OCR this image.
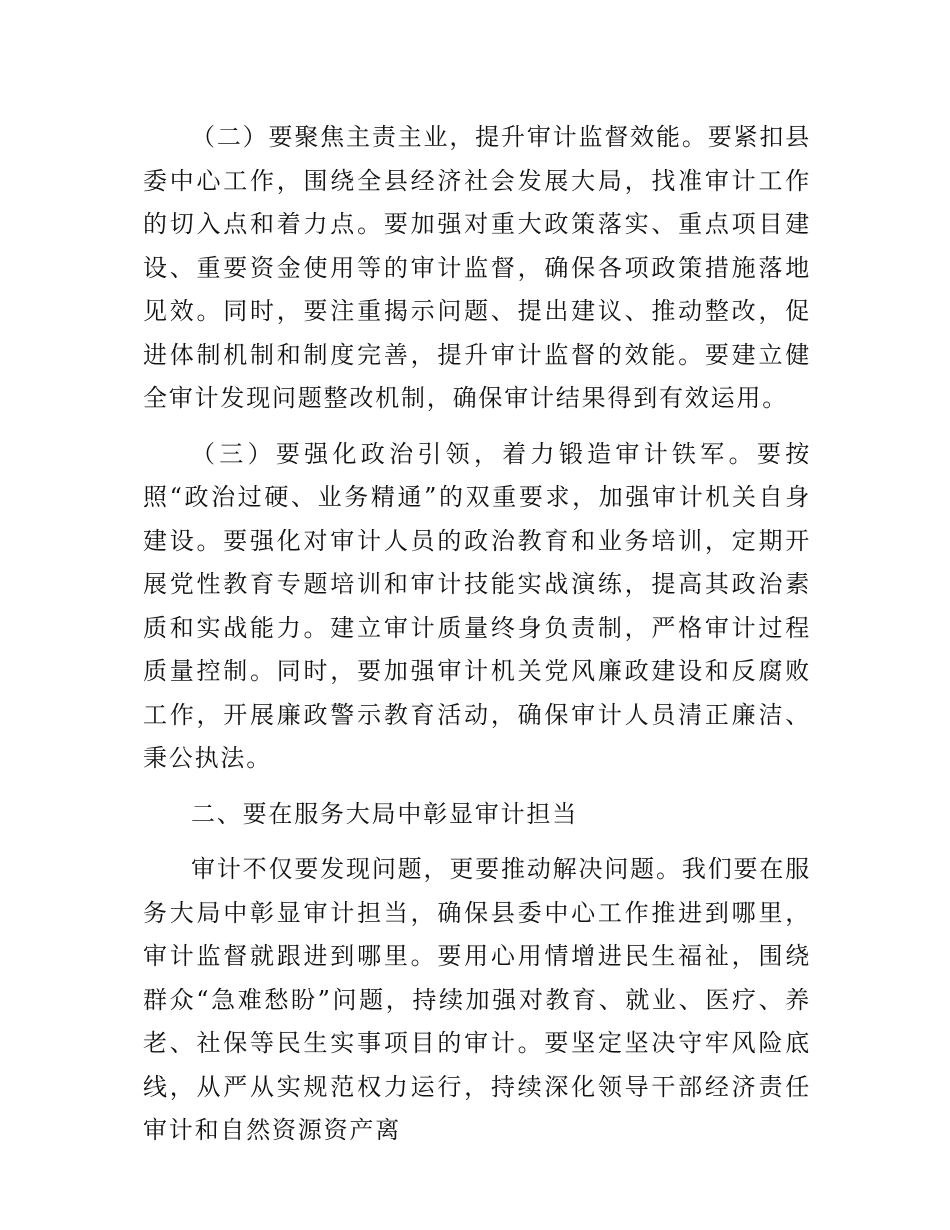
（二）要聚焦主责主业，提升审计监督效能。要紧扣县委中心工作，围绕全县经济社会发展大局，找准审计工作的切入点和着力点。要加强对重大政策落实、重点项目建设、重要资金使用等的审计监督，确保各项政策措施落地见效。同时，要注重揭示问题、提出建议、推动整改，促进体制机制和制度完善，提升审计监督的效能。要建立健全审计发现问题整改机制，确保审计结果得到有效运用。

（三）要强化政治引领，着力锻造审计铁军。要按照“政治过硬、业务精通”的双重要求，加强审计机关自身建设。要强化对审计人员的政治教育和业务培训，定期开展党性教育专题培训和审计技能实战演练，提高其政治素质和实战能力。建立审计质量终身负责制，严格审计过程质量控制。同时，要加强审计机关党风廉政建设和反腐败工作，开展廉政警示教育活动，确保审计人员清正廉洁、秉公执法。

二、要在服务大局中彰显审计担当

审计不仅要发现问题，更要推动解决问题。我们要在服务大局中彰显审计担当，确保县委中心工作推进到哪里，审计监督就跟进到哪里。要用心用情增进民生福祉，围绕群众“急难愁盼”问题，持续加强对教育、就业、医疗、养老、社保等民生实事项目的审计。要坚定坚决守牢风险底线，从严从实规范权力运行，持续深化领导干部经济责任审计和自然资源资产离
